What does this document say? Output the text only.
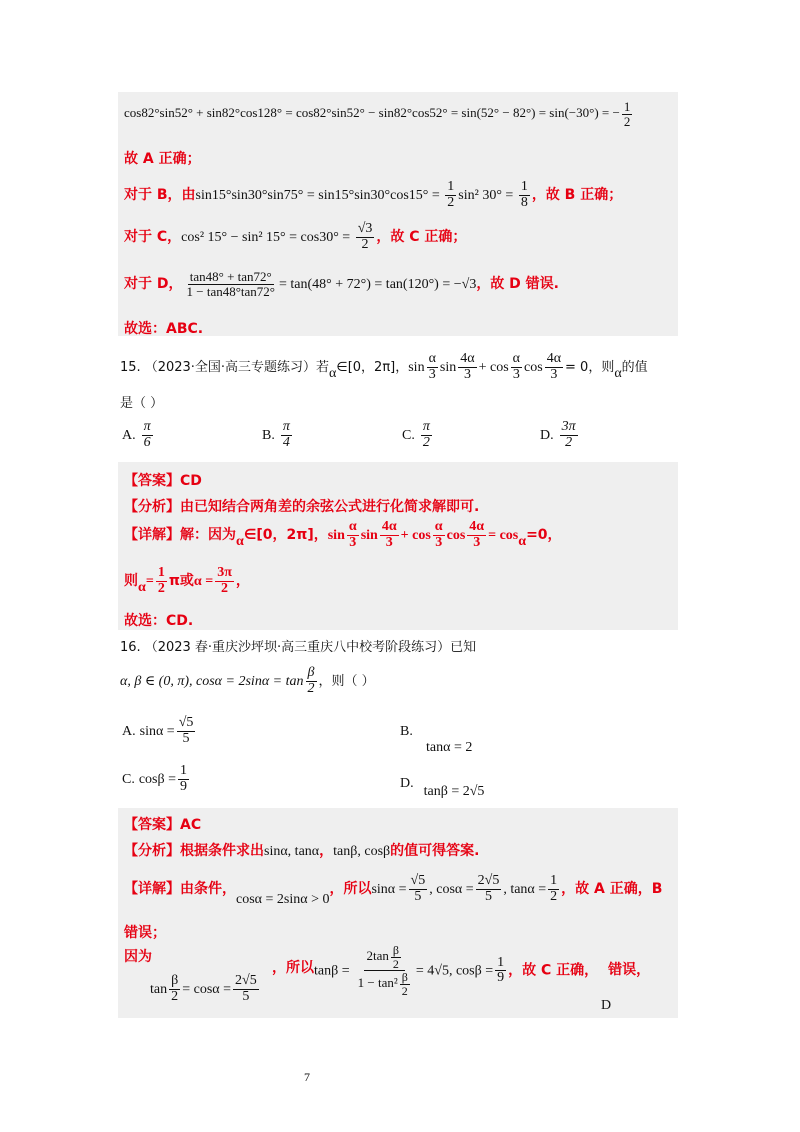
cos82°sin52° + sin82°cos128° = cos82°sin52° − sin82°cos52° = sin(52° − 82°) = sin(−30°) = − $\frac{1}{2}$
故 A 正确；
对于 B，由$\sin 15^\circ\sin 30^\circ\sin 75^\circ = \sin 15^\circ\sin 30^\circ\cos 15^\circ = \frac{1}{2} \sin^2$ $30^\circ = \frac{1}{8}$ ，故 B 正确；
对于 C，cos² 15° − sin² $15^\circ = \cos 30^\circ = \frac{√3}{2}$ ，故 C 正确；
对于 D， $\frac{\tan 48^\circ + \tan 72^\circ}{1 - \tan 48^\circ\tan 72^\circ} = \tan(48^\circ + 72^\circ) = \tan(120^\circ) = -√3$，故 D 错误.
故选：ABC.
15. （2023·全国·高三专题练习）若α∈[0，2π]，$\sin \frac{\alpha}{3}$ $\sin \frac{4\alpha}{3} + \cos \frac{\alpha}{3}$ $\cos \frac{4\alpha}{3} = 0$，则α的值
是（ ）
A. $\frac{\pi}{6}$	B. $\frac{\pi}{4}$	C. $\frac{\pi}{2}$	D. $\frac{3\pi}{2}$
【答案】CD
【分析】由已知结合两角差的余弦公式进行化简求解即可.
【详解】解：因为α∈[0，2π]，$\sin \frac{\alpha}{3}$ $\sin \frac{4\alpha}{3} + \cos \frac{\alpha}{3}$ $\cos \frac{4\alpha}{3} = \cos\alpha=0$，
则$\alpha= \frac{1}{2}$ π或$\alpha = \frac{3\pi}{2}$ ，
故选：CD.
16. （2023 春·重庆沙坪坝·高三重庆八中校考阶段练习）已知
α, β ∈ (0, π), $\cos\alpha = 2\sin\alpha = \tan \frac{\beta}{2}$ ，则（ ）
A. $\sin\alpha = \frac{√5}{5}$	B.
tanα = 2
C. $\cos\beta = \frac{1}{9}$	D. tanβ = 2√5
【答案】AC
【分析】根据条件求出sinα, tanα，tanβ, cosβ的值可得答案.
【详解】由条件，cosα = 2sinα > 0，所以$\sin\alpha = \frac{√5}{5}$ , $\cos\alpha = \frac{2√5}{5}$ , $\tan\alpha = \frac{1}{2}$ ，故 A 正确，B
错误；
因为
$\tan \frac{\beta}{2} = \cos\alpha = \frac{2√5}{5}$
，所以$\tan\beta = \frac{2\tan \frac{\beta}{2}}{1 - \tan^2 \frac{\beta}{2}} = 4√5$, $\cos\beta = \frac{1}{9}$ ，故 C 正确， 错误，
D
7
